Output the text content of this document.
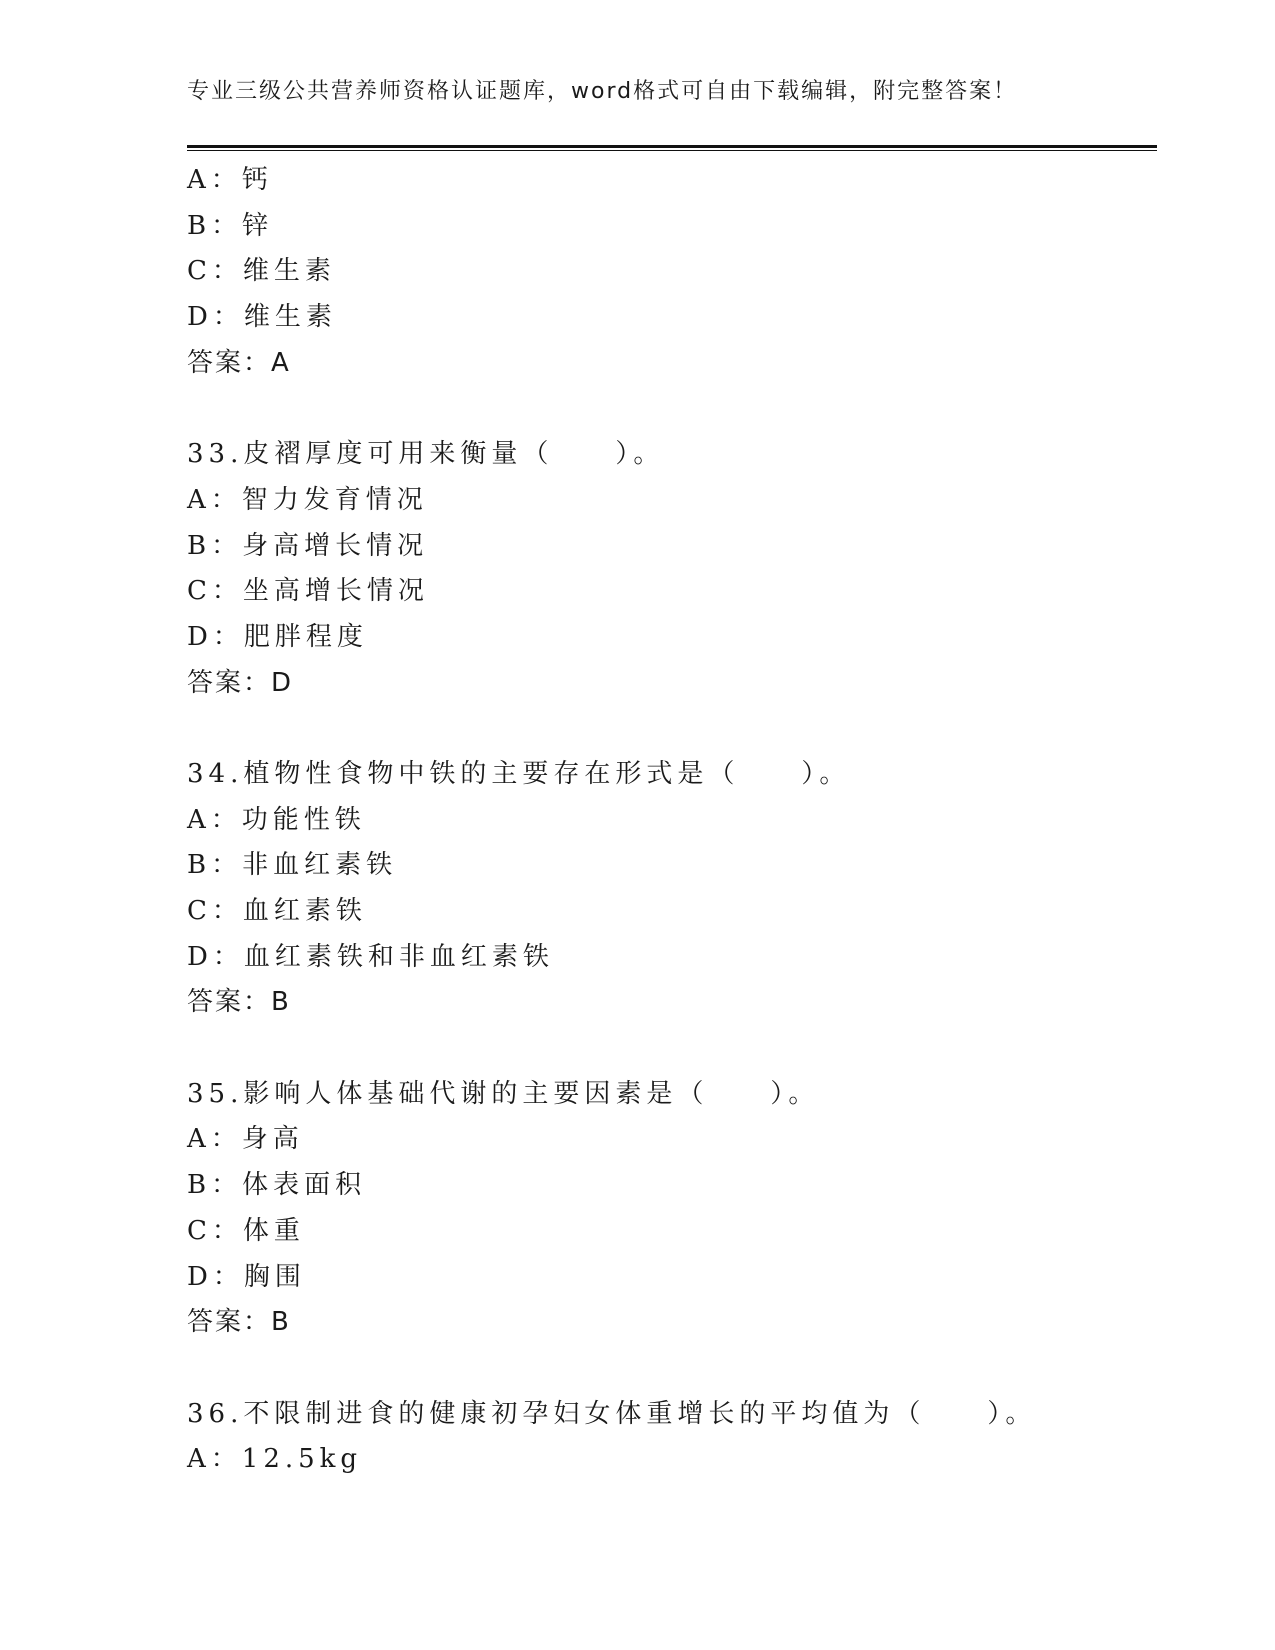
专业三级公共营养师资格认证题库，word格式可自由下载编辑，附完整答案！
A：钙
B：锌
C：维生素
D：维生素
答案：A
33.皮褶厚度可用来衡量（　　）。
A：智力发育情况
B：身高增长情况
C：坐高增长情况
D：肥胖程度
答案：D
34.植物性食物中铁的主要存在形式是（　　）。
A：功能性铁
B：非血红素铁
C：血红素铁
D：血红素铁和非血红素铁
答案：B
35.影响人体基础代谢的主要因素是（　　）。
A：身高
B：体表面积
C：体重
D：胸围
答案：B
36.不限制进食的健康初孕妇女体重增长的平均值为（　　）。
A：12.5kg
